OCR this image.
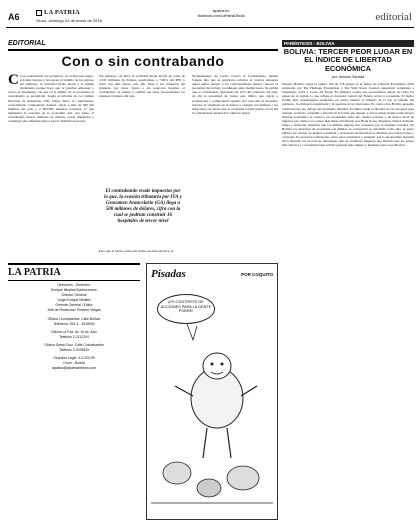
A6	LA PATRIA
Oruro, domingo 24 de enero de 2016
lapatria.bo
facebook.com/LaPatriaOficial	editorial
EDITORIAL
Con o sin contrabando
C Con contrabando los productos, en el mercado negro, son más baratos y favorecen el bolsillo de los pobres, sin embargo, la actividad ilícita afecta a la misma ciudadanía porque hace que se pierdan empresas y crezca el desempleo, así que en el ámbito de la economía, el contrabando es perjudicial. Según el informe de La Cámara Nacional de Industrias, CNI, Diego Siles, el contrabando, consolidando competencia desleal, afecta a más de 300 mil familias del país y a 600.000 empleos formales, lo que demuestra la reacción en la economía. Por otra parte, el contrabando mueve millones de dólares, evade impuestos y constituye una amenaza mayor para la industria nacional.
Sin embargo, en 2012 la actividad ilícita movió un valor de 2.331 millones de dólares, equivalente a 7.06% del PIB, y cerró con más fuerza este año. Pese a los esfuerzos del gobierno por hacer frente a los negocios ilegales, el contrabando se adapta y cambia sus rutas aprovechando las extensas fronteras del país.
El contrabando evade impuestos por lo que, la evasión tributaria por IVA y Gravamen Arancelario (GA) llega a 500 millones de dólares, cifra con la cual se podrían construir 16 hospitales de tercer nivel
Para que la lucha contra este delito sea más efectiva, el
Viceministerio de Lucha Contra el Contrabando, Daniel Vargas, dijo que es prioritario reforzar el control, entonces quien quiera atrapar a los contrabandistas deberá conocer la necesidad del trabajo coordinado entre instituciones. Se estima que el contrabando representa un 10% del comercio del país, de ahí la necesidad de frenar este tráfico que afecta a productores y comerciantes legales. Por todo ello es necesario reforzar la vigilancia en fronteras y castigar con firmeza a los infractores, de modo que la economía formal pueda crecer sin la competencia desleal del comercio ilegal.
LA PATRIA

Directores - Gerentes:

Enrique Miralles Bonnecarrere

Director General

Jorge Enrique Miralles

Gerente General / Editor

Jefe de Redacción: Roberto Vargas

Oficina Cochabamba: Calle Bolívar

Teléfonos: 591-4 - 4518000

Oficina La Paz: Av. 16 de Julio

Teléfono 2-2112204

Oficina Santa Cruz: Calle Cochabamba

Teléfono 3-3378825

Depósito Legal: 4-3-203-99

Oruro - Bolivia

lapatria@lapatriaenlinea.com

Pisadas	POR COQUITO
¡ES CONTRISTE DE ACCIONES PARA LA GENTE POBRE!
PARÉNTESIS - BOLIVIA
BOLIVIA: TERCER PEOR LUGAR EN EL ÍNDICE DE LIBERTAD ECONÓMICA
por: Antonio Saravia
Nuestra Bolivia ocupa el puesto 163 de 178 países en el Índice de Libertad Económica 2016 elaborado por The Heritage Foundation y The Wall Street Journal, superando solamente a Venezuela, Cuba y Corea del Norte. En América Latina nos encontramos detrás de todos los países de la región, lo que refleja el creciente control del Estado sobre la economía. El índice evalúa diez componentes agrupados en cuatro pilares: el imperio de la ley, el tamaño del gobierno, la eficiencia regulatoria y la apertura de los mercados. En todos ellos Bolivia presenta calificaciones por debajo del promedio mundial. El índice mide la libertad de las personas para trabajar, producir, consumir e invertir en la forma que deseen, y en los países donde existe mayor libertad económica se observa un crecimiento más alto, menor pobreza y un mayor nivel de ingresos per cápita. Los países más libres del mundo son Hong Kong, Singapur, Nueva Zelanda, Suiza y Australia, mientras que los últimos lugares son ocupados por economías cerradas. En Bolivia los derechos de propiedad son débiles, la corrupción es percibida como alta, el gasto público ha crecido de manera sostenida y la libertad de inversión es limitada por restricciones y controles. Es necesario reflexionar sobre estos resultados y entender que la prosperidad depende de la libertad. No se trata de ideologías, sino de evidencia empírica que muestra que los países más abiertos y con instituciones sólidas generan más empleo y bienestar para su población.
